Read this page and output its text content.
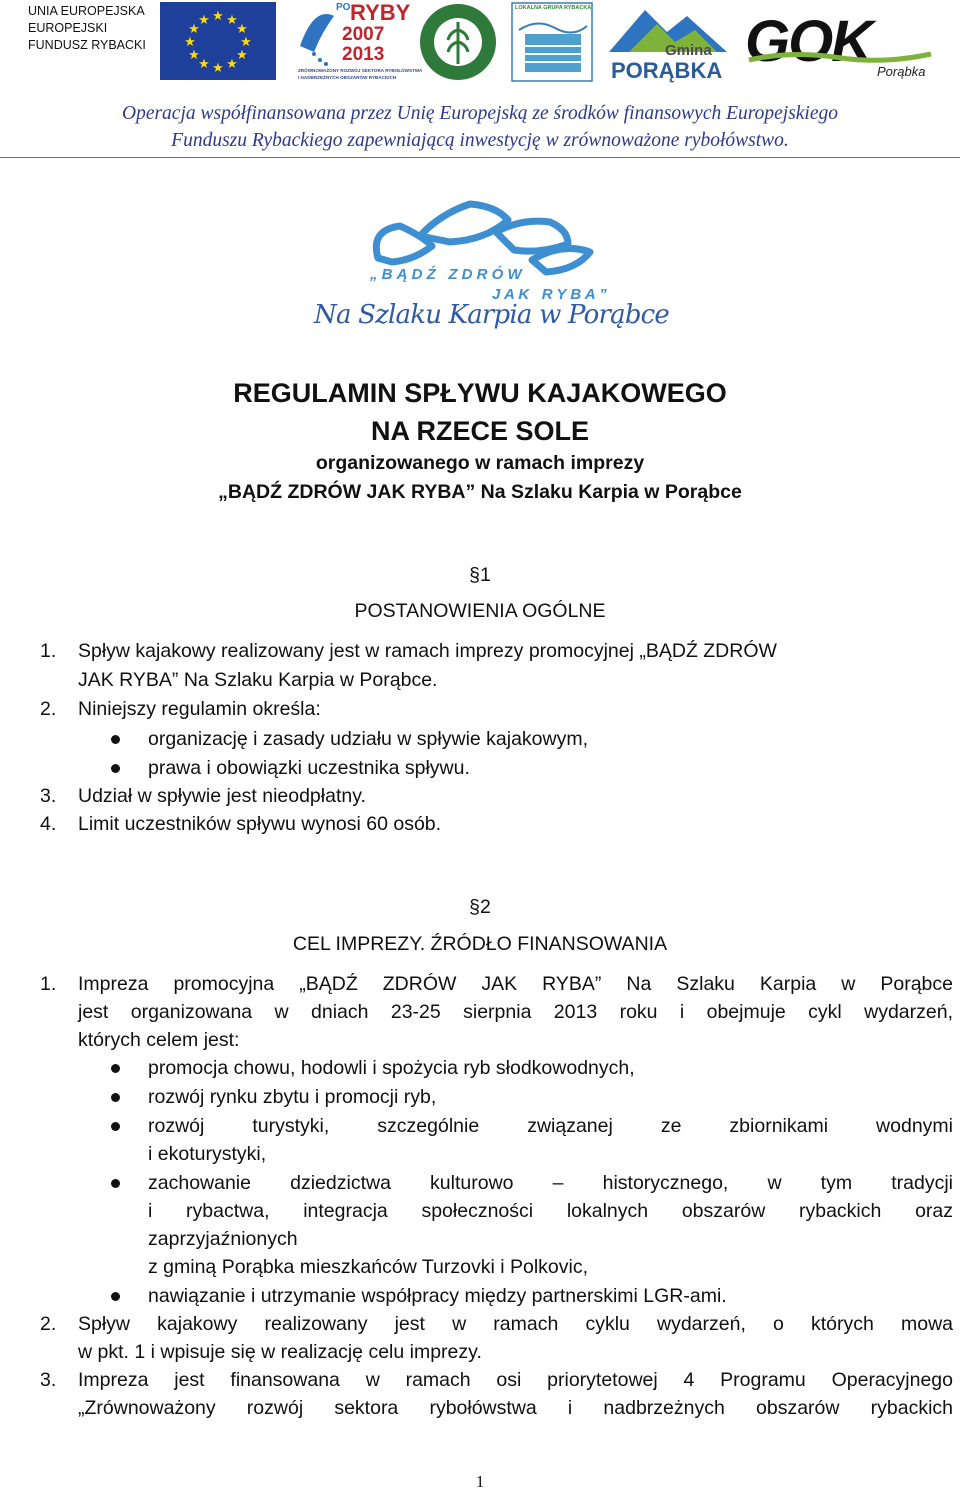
UNIA EUROPEJSKA
EUROPEJSKI
FUNDUSZ RYBACKI
★ ★
★
★
★
★
★
★
★
★
★
★
PO RYBY
2007
2013
ZRÓWNOWAŻONY ROZWÓJ SEKTORA RYBOŁÓWSTWA
I NADBRZEŻNYCH OBSZARÓW RYBACKICH
LOKALNA GRUPA RYBACKA
Gmina
PORĄBKA GOK Porąbka
Operacja współfinansowana przez Unię Europejską ze środków finansowych Europejskiego
Funduszu Rybackiego zapewniającą inwestycję w zrównoważone rybołówstwo.
„ B Ą D Ź   Z D R Ó W
J A K   R Y B A ”
Na Szlaku Karpia w Porąbce
REGULAMIN SPŁYWU KAJAKOWEGO
NA RZECE SOLE
organizowanego w ramach imprezy
„BĄDŹ ZDRÓW JAK RYBA” Na Szlaku Karpia w Porąbce
§1
POSTANOWIENIA OGÓLNE
1. Spływ kajakowy realizowany jest w ramach imprezy promocyjnej „BĄDŹ ZDRÓW
JAK RYBA” Na Szlaku Karpia w Porąbce.
2. Niniejszy regulamin określa:
organizację i zasady udziału w spływie kajakowym,
prawa i obowiązki uczestnika spływu.
3. Udział w spływie jest nieodpłatny.
4. Limit uczestników spływu wynosi 60 osób.
§2
CEL IMPREZY. ŹRÓDŁO FINANSOWANIA
1. Impreza promocyjna „BĄDŹ ZDRÓW JAK RYBA” Na Szlaku Karpia w Porąbce
jest organizowana w dniach 23-25 sierpnia 2013 roku i obejmuje cykl wydarzeń,
których celem jest:
promocja chowu, hodowli i spożycia ryb słodkowodnych,
rozwój rynku zbytu i promocji ryb,
rozwój turystyki, szczególnie związanej ze zbiornikami wodnymi
i ekoturystyki,
zachowanie dziedzictwa kulturowo – historycznego, w tym tradycji
i rybactwa, integracja społeczności lokalnych obszarów rybackich oraz
zaprzyjaźnionych
z gminą Porąbka mieszkańców Turzovki i Polkovic,
nawiązanie i utrzymanie współpracy między partnerskimi LGR-ami.
2. Spływ kajakowy realizowany jest w ramach cyklu wydarzeń, o których mowa
w pkt. 1 i wpisuje się w realizację celu imprezy.
3. Impreza jest finansowana w ramach osi priorytetowej 4 Programu Operacyjnego
„Zrównoważony rozwój sektora rybołówstwa i nadbrzeżnych obszarów rybackich
1
